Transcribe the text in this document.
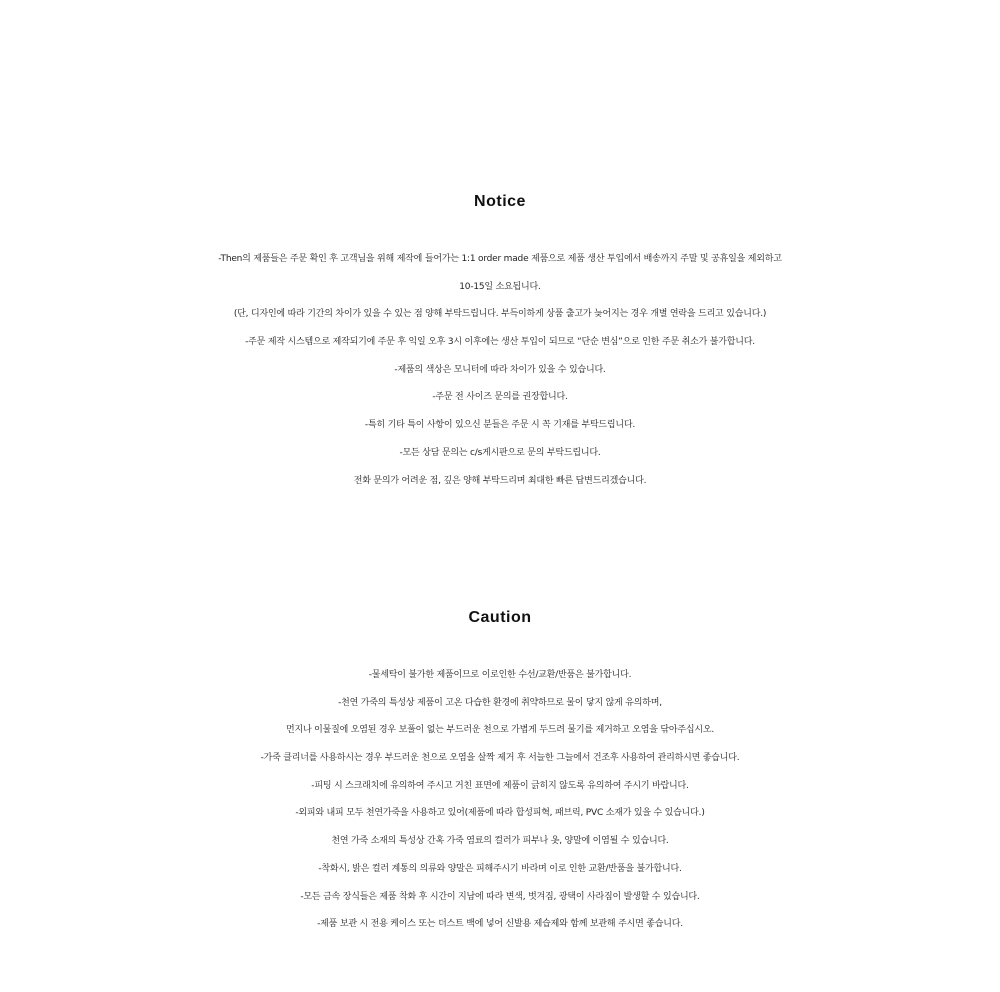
Notice
-Then의 제품들은 주문 확인 후 고객님을 위해 제작에 들어가는 1:1 order made 제품으로 제품 생산 투입에서 배송까지 주말 및 공휴일을 제외하고
10-15일 소요됩니다.
(단, 디자인에 따라 기간의 차이가 있을 수 있는 점 양해 부탁드립니다. 부득이하게 상품 출고가 늦어지는 경우 개별 연락을 드리고 있습니다.)
-주문 제작 시스템으로 제작되기에 주문 후 익일 오후 3시 이후에는 생산 투입이 되므로 “단순 변심”으로 인한 주문 취소가 불가합니다.
-제품의 색상은 모니터에 따라 차이가 있을 수 있습니다.
-주문 전 사이즈 문의를 권장합니다.
-특히 기타 특이 사항이 있으신 분들은 주문 시 꼭 기재를 부탁드립니다.
-모든 상담 문의는 c/s게시판으로 문의 부탁드립니다.
전화 문의가 어려운 점, 깊은 양해 부탁드리며 최대한 빠른 답변드리겠습니다.
Caution
-물세탁이 불가한 제품이므로 이로인한 수선/교환/반품은 불가합니다.
-천연 가죽의 특성상 제품이 고온 다습한 환경에 취약하므로 물이 닿지 않게 유의하며,
먼지나 이물질에 오염된 경우 보풀이 없는 부드러운 천으로 가볍게 두드려 물기를 제거하고 오염을 닦아주십시오.
-가죽 클리너를 사용하시는 경우 부드러운 천으로 오염을 살짝 제거 후 서늘한 그늘에서 건조후 사용하여 관리하시면 좋습니다.
-피팅 시 스크래치에 유의하여 주시고 거친 표면에 제품이 긁히지 않도록 유의하여 주시기 바랍니다.
-외피와 내피 모두 천연가죽을 사용하고 있어(제품에 따라 합성피혁, 패브릭, PVC 소재가 있을 수 있습니다.)
천연 가죽 소재의 특성상 간혹 가죽 염료의 컬러가 피부나 옷, 양말에 이염될 수 있습니다.
-착화시, 밝은 컬러 계통의 의류와 양말은 피해주시기 바라며 이로 인한 교환/반품을 불가합니다.
-모든 금속 장식들은 제품 착화 후 시간이 지남에 따라 변색, 벗겨짐, 광택이 사라짐이 발생할 수 있습니다.
-제품 보관 시 전용 케이스 또는 더스트 백에 넣어 신발용 제습제와 함께 보관해 주시면 좋습니다.
